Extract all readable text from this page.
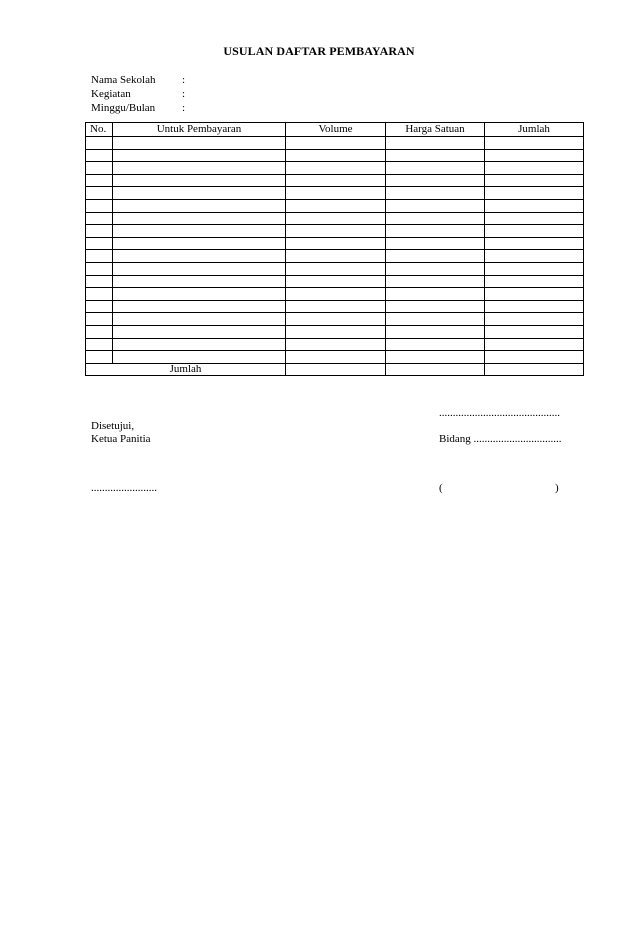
USULAN DAFTAR PEMBAYARAN
Nama Sekolah	:
Kegiatan	:
Minggu/Bulan	:
No.	Untuk Pembayaran	Volume	Harga Satuan	Jumlah

Jumlah				
............................................
Disetujui,
Ketua Panitia	Bidang ................................
........................	(	)
